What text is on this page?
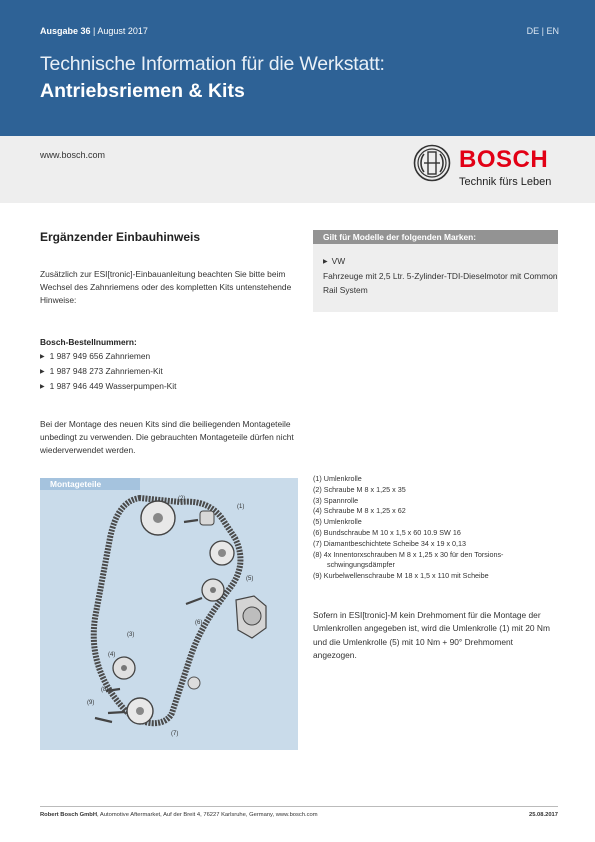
Ausgabe 36 | August 2017	DE | EN
Technische Information für die Werkstatt:
Antriebsriemen & Kits
www.bosch.com	BOSCH
Technik fürs Leben
Ergänzender Einbauhinweis

Zusätzlich zur ESI[tronic]-Einbauanleitung beachten Sie bitte beim Wechsel des Zahnriemens oder des kompletten Kits untenstehende Hinweise:

Bosch-Bestellnummern:
▶ 1 987 949 656 Zahnriemen
▶ 1 987 948 273 Zahnriemen-Kit
▶ 1 987 946 449 Wasserpumpen-Kit

Bei der Montage des neuen Kits sind die beiliegenden Montageteile unbedingt zu verwenden. Die gebrauchten Montageteile dürfen nicht wiederverwendet werden.

Gilt für Modelle der folgenden Marken:
▶ VW
Fahrzeuge mit 2,5 Ltr. 5-Zylinder-TDI-Dieselmotor mit Common Rail System
Montageteile
(2)
(1)
(5)
(6)
(3)
(4)
(8)
(9)
(7)
(1) Umlenkrolle
(2) Schraube M 8 x 1,25 x 35
(3) Spannrolle
(4) Schraube M 8 x 1,25 x 62
(5) Umlenkrolle
(6) Bundschraube M 10 x 1,5 x 60 10.9 SW 16
(7) Diamantbeschichtete Scheibe 34 x 19 x 0,13
(8) 4x Innentorxschrauben M 8 x 1,25 x 30 für den Torsions-
schwingungsdämpfer
(9) Kurbelwellenschraube M 18 x 1,5 x 110 mit Scheibe

Sofern in ESI[tronic]-M kein Drehmoment für die Montage der Umlenkrollen angegeben ist, wird die Umlenkrolle (1) mit 20 Nm und die Umlenkrolle (5) mit 10 Nm + 90° Drehmoment angezogen.

Robert Bosch GmbH, Automotive Aftermarket, Auf der Breit 4, 76227 Karlsruhe, Germany, www.bosch.com	25.08.2017
